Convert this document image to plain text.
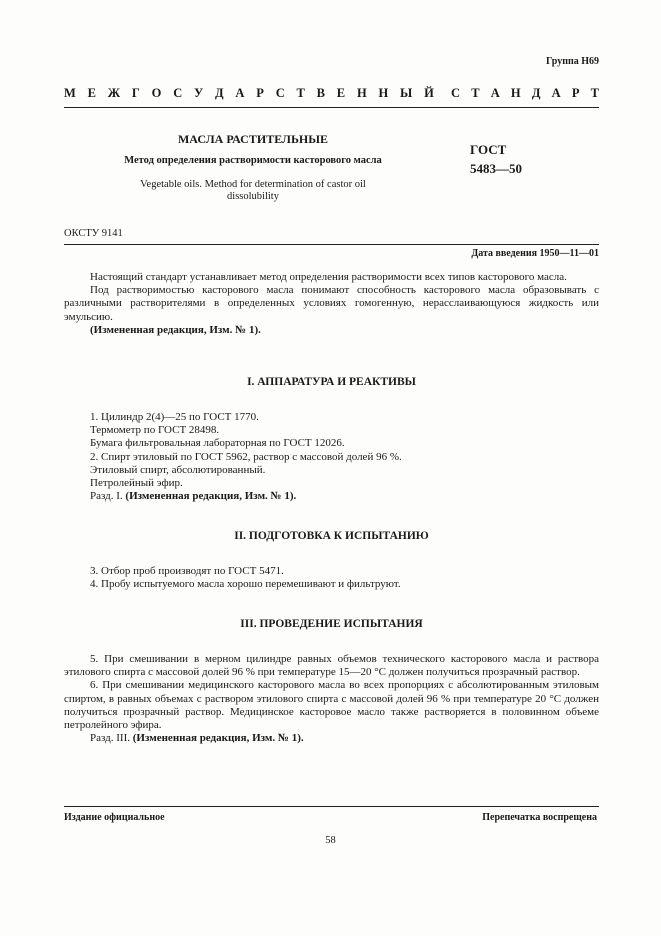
Группа Н69
М Е Ж Г О С У Д А Р С Т В Е Н Н Ы Й С Т А Н Д А Р Т
МАСЛА РАСТИТЕЛЬНЫЕ
Метод определения растворимости касторового масла
Vegetable oils. Method for determination of castor oil
dissolubility
ГОСТ
5483—50
ОКСТУ 9141
Дата введения 1950—11—01

Настоящий стандарт устанавливает метод определения растворимости всех типов касторового масла.

Под растворимостью касторового масла понимают способность касторового масла образовывать с различными растворителями в определенных условиях гомогенную, нерасслаивающуюся жидкость или эмульсию.

(Измененная редакция, Изм. № 1).

I. АППАРАТУРА И РЕАКТИВЫ
1. Цилиндр 2(4)—25 по ГОСТ 1770.
Термометр по ГОСТ 28498.
Бумага фильтровальная лабораторная по ГОСТ 12026.
2. Спирт этиловый по ГОСТ 5962, раствор с массовой долей 96 %.
Этиловый спирт, абсолютированный.
Петролейный эфир.
Разд. I. (Измененная редакция, Изм. № 1).
II. ПОДГОТОВКА К ИСПЫТАНИЮ
3. Отбор проб производят по ГОСТ 5471.
4. Пробу испытуемого масла хорошо перемешивают и фильтруют.
III. ПРОВЕДЕНИЕ ИСПЫТАНИЯ

5. При смешивании в мерном цилиндре равных объемов технического касторового масла и раствора этилового спирта с массовой долей 96 % при температуре 15—20 °С должен получиться прозрачный раствор.

6. При смешивании медицинского касторового масла во всех пропорциях с абсолютированным этиловым спиртом, в равных объемах с раствором этилового спирта с массовой долей 96 % при температуре 20 °С должен получиться прозрачный раствор. Медицинское касторовое масло также растворяется в половинном объеме петролейного эфира.

Разд. III. (Измененная редакция, Изм. № 1).
Издание официальное	Перепечатка воспрещена
58
